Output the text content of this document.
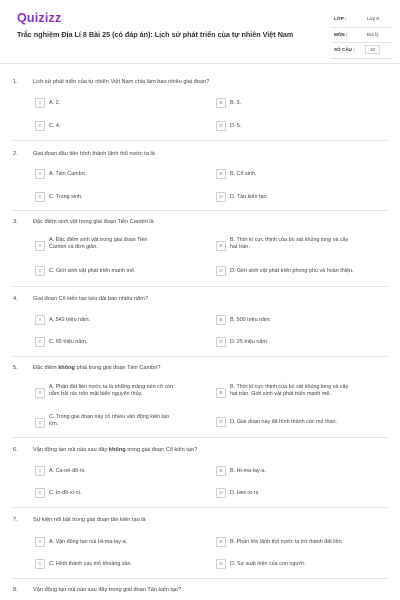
Quizizz
Trắc nghiệm Địa Lí 8 Bài 25 (có đáp án): Lịch sử phát triển của tự nhiên Việt Nam
LỚP :	Lớp 8
MÔN :	Địa lý
SỐ CÂU :	10
1.	Lịch sử phát triển của tự nhiên Việt Nam chia làm bao nhiêu giai đoạn?
A	A. 2.	B	B. 3.
C	C. 4.	D	D. 5.
2.	Giai đoạn đầu tiên hình thành lãnh thổ nước ta là
A	A. Tiền Cambri.	B	B. Cổ sinh.
C	C. Trung sinh.	D	D. Tân kiến tạo.
3.	Đặc điểm sinh vật trong giai đoạn Tiền Cambri là
A
A. Đặc điểm sinh vật trong giai đoạn Tiền
Cambri và đơn giản.	B
B. Thời kì cực thịnh của bò sát khủng long và cây
hạt trần.
C	C. Giới sinh vật phát triển mạnh mẽ.	D	D. Giới sinh vật phát triển phong phú và hoàn thiện.
4.	Giai đoạn Cổ kiến tạo kéo dài bao nhiêu năm?
A	A. 542 triệu năm.	B	B. 500 triệu năm.
C	C. 65 triệu năm.	D	D. 25 triệu năm.
5.	Đặc điểm không phải trong giai đoạn Tiền Cambri?
A
A. Phần đất liền nước ta là những mảng nền cổ còn
nằm trải rác trên mặt biển nguyên thủy.	B
B. Thời kì cực thịnh của bò sát khủng long và cây
hạt trần. Giới sinh vật phát triển mạnh mẽ.
C
C. Trong giai đoạn nay có nhiều vận động kiến tạo
lớn.	D	D. Giai đoạn này đã hình thành các mỏ than.
6.	Vận động tạo núi nào sau đây không trong giai đoạn Cổ kiến tạo?
A	A. Ca-nê-đô-ni.	B	B. Hi-ma-lay-a.
C	C. In-đô-xi-ni.	D	D. Hec-xi-ni.
7.	Sự kiện nổi bật trong giai đoạn tân kiến tạo là
A	A. Vận động tạo núi Hi-ma-lay-a.	B	B. Phần lớn lãnh thổ nước ta trở thành đất liền.
C	C. Hình thành các mỏ khoáng sản.	D	D. Sự xuất hiện của con người.
8.	Vận động tạo núi nào sau đây trong giai đoạn Tân kiến tạo?
